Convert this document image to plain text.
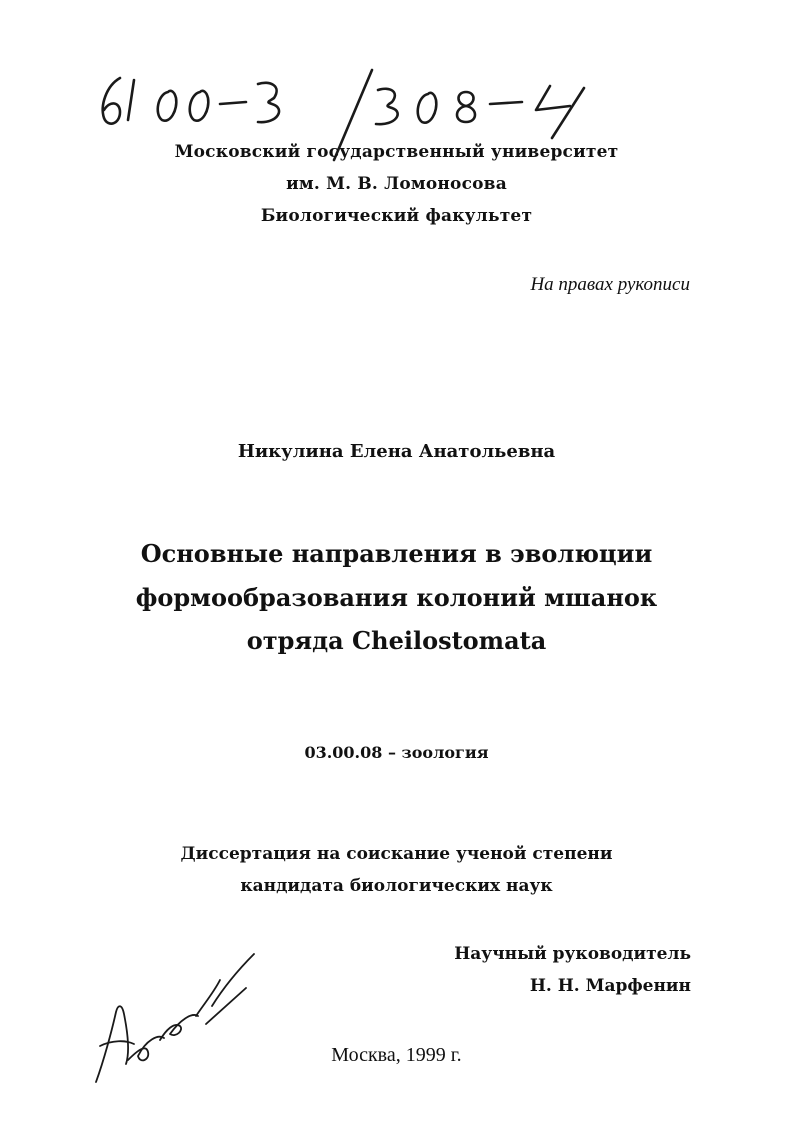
Московский государственный университет
им. М. В. Ломоносова
Биологический факультет
На правах рукописи
Никулина Елена Анатольевна
Основные направления в эволюции
формообразования колоний мшанок
отряда Cheilostomata
03.00.08 – зоология
Диссертация на соискание ученой степени
кандидата биологических наук
Научный руководитель
Н. Н. Марфенин
Москва, 1999 г.
